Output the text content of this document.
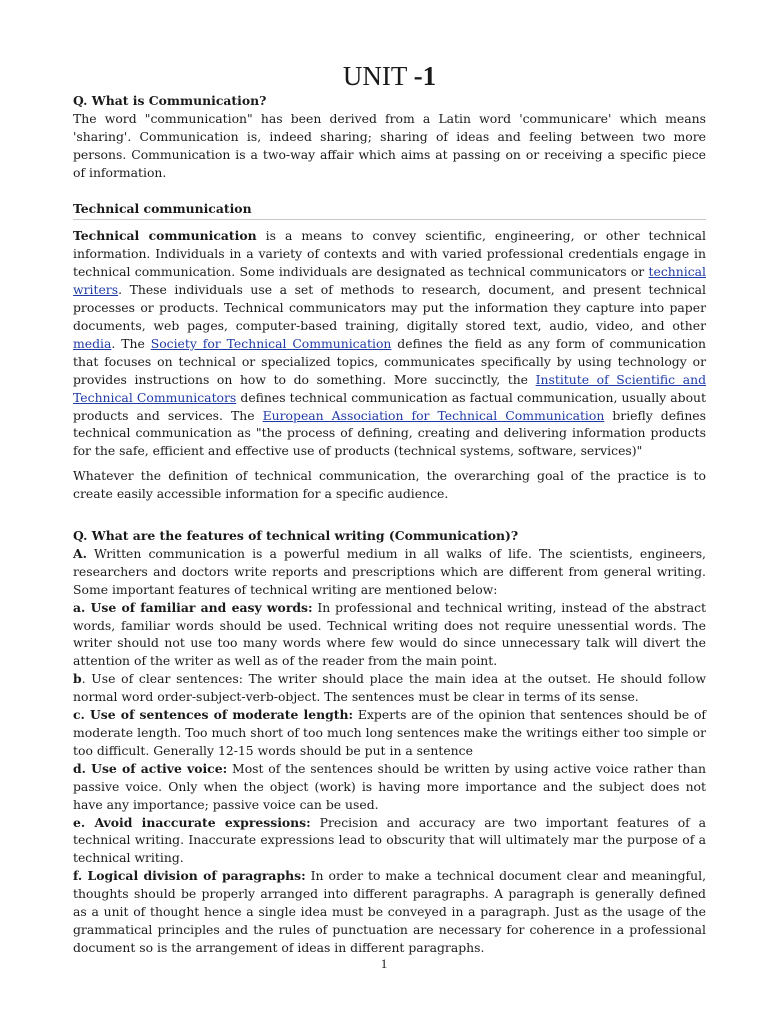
UNIT -1

Q. What is Communication?

The word "communication" has been derived from a Latin word 'communicare' which means 'sharing'. Communication is, indeed sharing; sharing of ideas and feeling between two more persons. Communication is a two-way affair which aims at passing on or receiving a specific piece of information.

Technical communication

Technical communication is a means to convey scientific, engineering, or other technical information. Individuals in a variety of contexts and with varied professional credentials engage in technical communication. Some individuals are designated as technical communicators or technical writers. These individuals use a set of methods to research, document, and present technical processes or products. Technical communicators may put the information they capture into paper documents, web pages, computer-based training, digitally stored text, audio, video, and other media. The Society for Technical Communication defines the field as any form of communication that focuses on technical or specialized topics, communicates specifically by using technology or provides instructions on how to do something. More succinctly, the Institute of Scientific and Technical Communicators defines technical communication as factual communication, usually about products and services. The European Association for Technical Communication briefly defines technical communication as "the process of defining, creating and delivering information products for the safe, efficient and effective use of products (technical systems, software, services)"

Whatever the definition of technical communication, the overarching goal of the practice is to create easily accessible information for a specific audience.

Q. What are the features of technical writing (Communication)?

A. Written communication is a powerful medium in all walks of life. The scientists, engineers, researchers and doctors write reports and prescriptions which are different from general writing. Some important features of technical writing are mentioned below:

a. Use of familiar and easy words: In professional and technical writing, instead of the abstract words, familiar words should be used. Technical writing does not require unessential words. The writer should not use too many words where few would do since unnecessary talk will divert the attention of the writer as well as of the reader from the main point.

b. Use of clear sentences: The writer should place the main idea at the outset. He should follow normal word order-subject-verb-object. The sentences must be clear in terms of its sense.

c. Use of sentences of moderate length: Experts are of the opinion that sentences should be of moderate length. Too much short of too much long sentences make the writings either too simple or too difficult. Generally 12-15 words should be put in a sentence

d. Use of active voice: Most of the sentences should be written by using active voice rather than passive voice. Only when the object (work) is having more importance and the subject does not have any importance; passive voice can be used.

e. Avoid inaccurate expressions: Precision and accuracy are two important features of a technical writing. Inaccurate expressions lead to obscurity that will ultimately mar the purpose of a technical writing.

f. Logical division of paragraphs: In order to make a technical document clear and meaningful, thoughts should be properly arranged into different paragraphs. A paragraph is generally defined as a unit of thought hence a single idea must be conveyed in a paragraph. Just as the usage of the grammatical principles and the rules of punctuation are necessary for coherence in a professional document so is the arrangement of ideas in different paragraphs.

1
